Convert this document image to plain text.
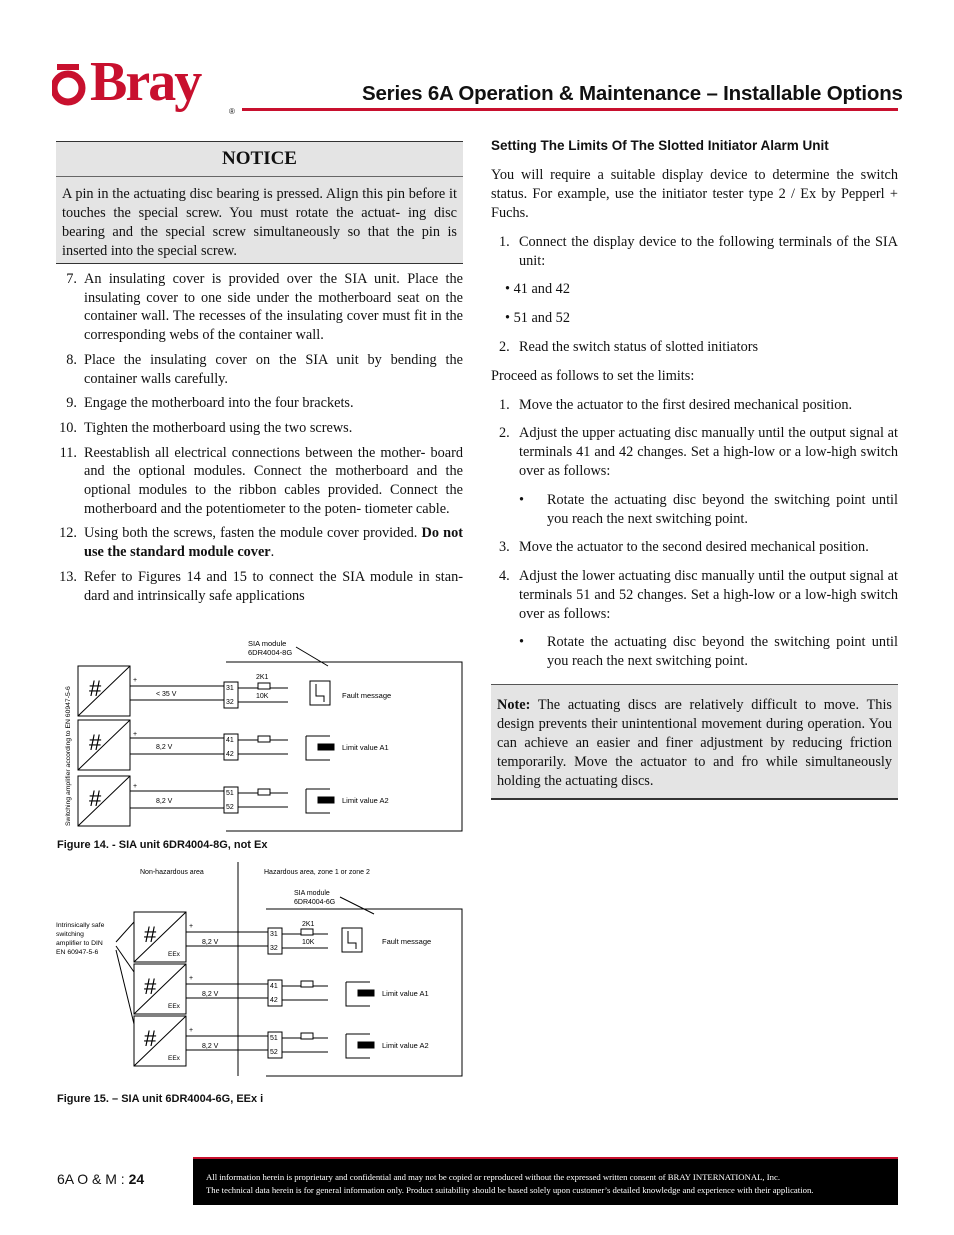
Bray	®
Series 6A Operation & Maintenance – Installable Options
NOTICE
A pin in the actuating disc bearing is pressed. Align this pin before it touches the special screw. You must rotate the actuat- ing disc bearing and the special screw simultaneously so that the pin is inserted into the special screw.
7. An insulating cover is provided over the SIA unit. Place the insulating cover to one side under the motherboard seat on the container wall. The recesses of the insulating cover must fit in the corresponding webs of the container wall.
8. Place the insulating cover on the SIA unit by bending the container walls carefully.
9. Engage the motherboard into the four brackets.
10. Tighten the motherboard using the two screws.
11. Reestablish all electrical connections between the mother- board and the optional modules. Connect the motherboard and the optional modules to the ribbon cables provided. Connect the motherboard and the potentiometer to the poten- tiometer cable.
12. Using both the screws, fasten the module cover provided. Do not use the standard module cover.
13. Refer to Figures 14 and 15 to connect the SIA module in stan- dard and intrinsically safe applications
Switching amplifier according to EN 60947-5-6
SIA module
6DR4004-8G
#	+
< 35 V
31
32
2K1
10K	Fault message
#	+
8,2 V
41
42
Limit value A1
#	+
8,2 V
51
52
Limit value A2
Figure 14. - SIA unit 6DR4004-8G, not Ex
Non-hazardous area	Hazardous area, zone 1 or zone 2
SIA module
6DR4004-6G
Intrinsically safe
switching
amplifier to DIN
EN 60947-5-6
#
EEx
+
8,2 V
31
32
2K1
10K	Fault message
#
EEx
+
8,2 V
41
42
Limit value A1
#
EEx
+
8,2 V
51
52
Limit value A2
Figure 15. – SIA unit 6DR4004-6G, EEx i
Setting The Limits Of The Slotted Initiator Alarm Unit

You will require a suitable display device to determine the switch status. For example, use the initiator tester type 2 / Ex by Pepperl + Fuchs.

1. Connect the display device to the following terminals of the SIA unit:
• 41 and 42
• 51 and 52
2. Read the switch status of slotted initiators

Proceed as follows to set the limits:

1. Move the actuator to the first desired mechanical position.
2. Adjust the upper actuating disc manually until the output signal at terminals 41 and 42 changes. Set a high-low or a low-high switch over as follows:
• Rotate the actuating disc beyond the switching point until you reach the next switching point.
3. Move the actuator to the second desired mechanical position.
4. Adjust the lower actuating disc manually until the output signal at terminals 51 and 52 changes. Set a high-low or a low-high switch over as follows:
• Rotate the actuating disc beyond the switching point until you reach the next switching point.
Note: The actuating discs are relatively difficult to move. This design prevents their unintentional movement during operation. You can achieve an easier and finer adjustment by reducing friction temporarily. Move the actuator to and fro while simultaneously holding the actuating discs.
6A O & M : 24	All information herein is proprietary and confidential and may not be copied or reproduced without the expressed written consent of BRAY INTERNATIONAL, Inc.
The technical data herein is for general information only. Product suitability should be based solely upon customer’s detailed knowledge and experience with their application.
